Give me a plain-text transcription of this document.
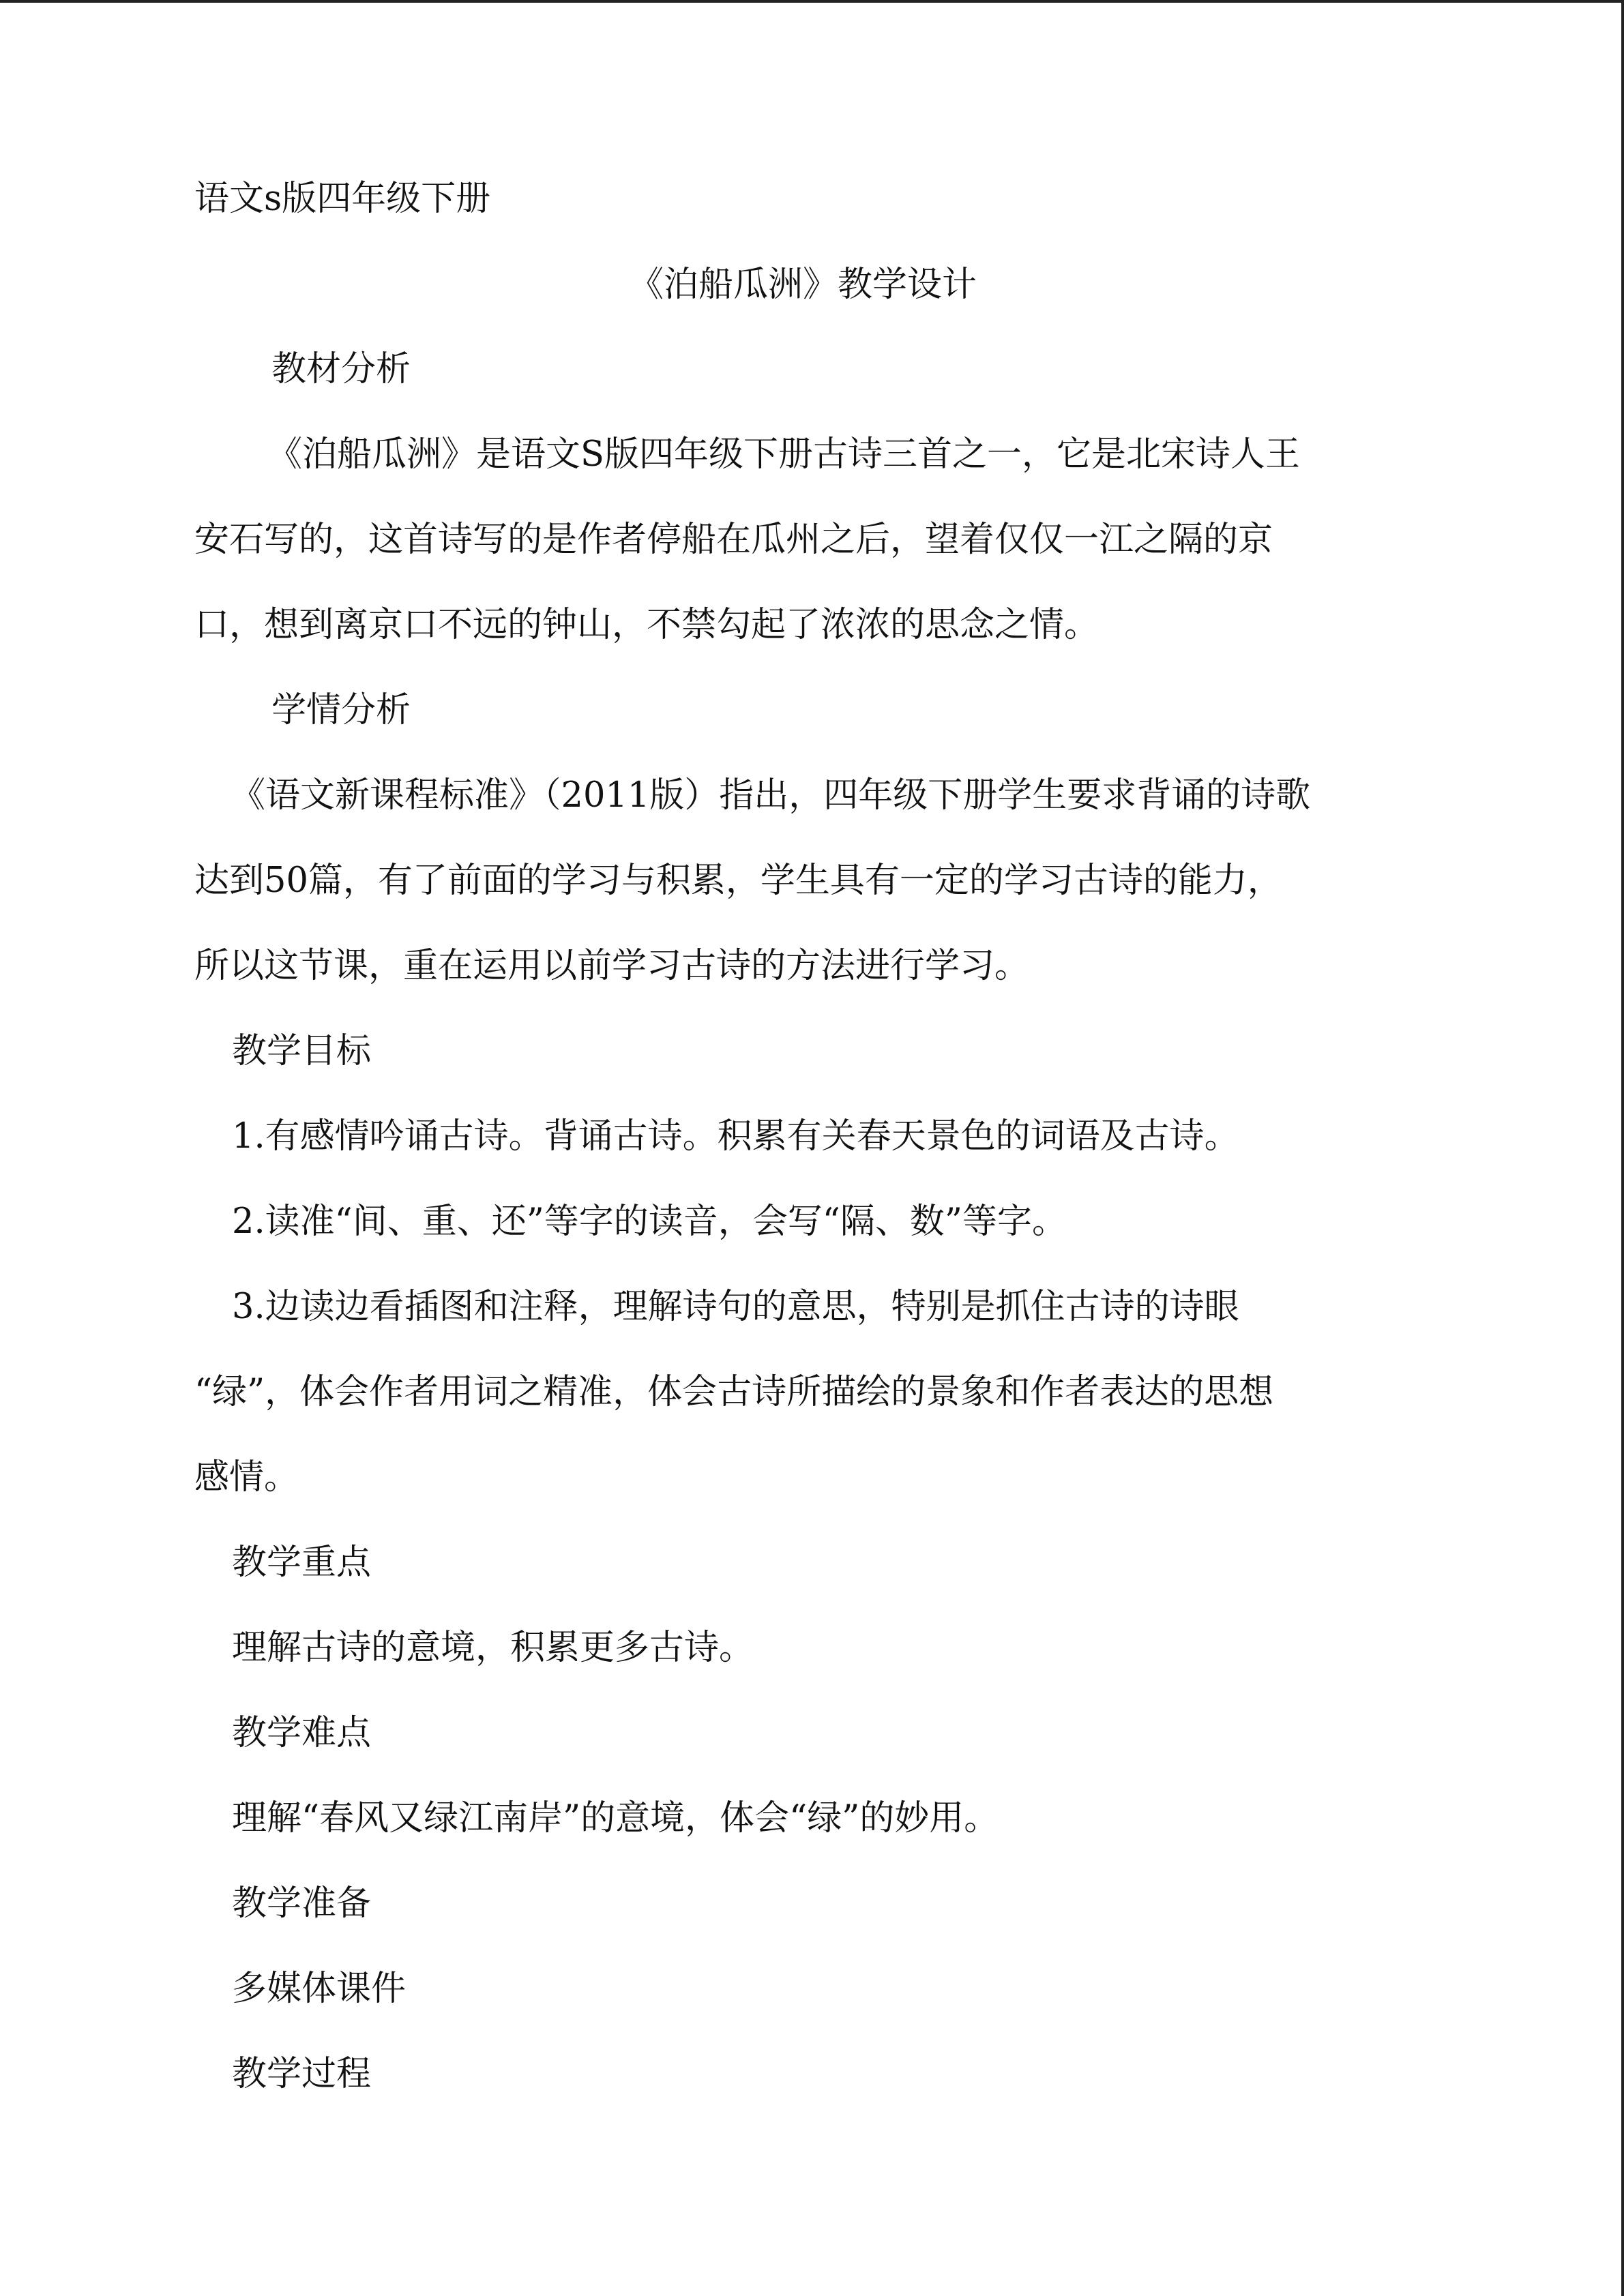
语文s版四年级下册
《泊船瓜洲》教学设计
教材分析
《泊船瓜洲》是语文S版四年级下册古诗三首之一，它是北宋诗人王
安石写的，这首诗写的是作者停船在瓜州之后，望着仅仅一江之隔的京
口，想到离京口不远的钟山，不禁勾起了浓浓的思念之情。
学情分析
《语文新课程标准》（2011版）指出，四年级下册学生要求背诵的诗歌
达到50篇，有了前面的学习与积累，学生具有一定的学习古诗的能力，
所以这节课，重在运用以前学习古诗的方法进行学习。
教学目标
1.有感情吟诵古诗。背诵古诗。积累有关春天景色的词语及古诗。
2.读准“间、重、还”等字的读音，会写“隔、数”等字。
3.边读边看插图和注释，理解诗句的意思，特别是抓住古诗的诗眼
“绿”，体会作者用词之精准，体会古诗所描绘的景象和作者表达的思想
感情。
教学重点
理解古诗的意境，积累更多古诗。
教学难点
理解“春风又绿江南岸”的意境，体会“绿”的妙用。
教学准备
多媒体课件
教学过程
